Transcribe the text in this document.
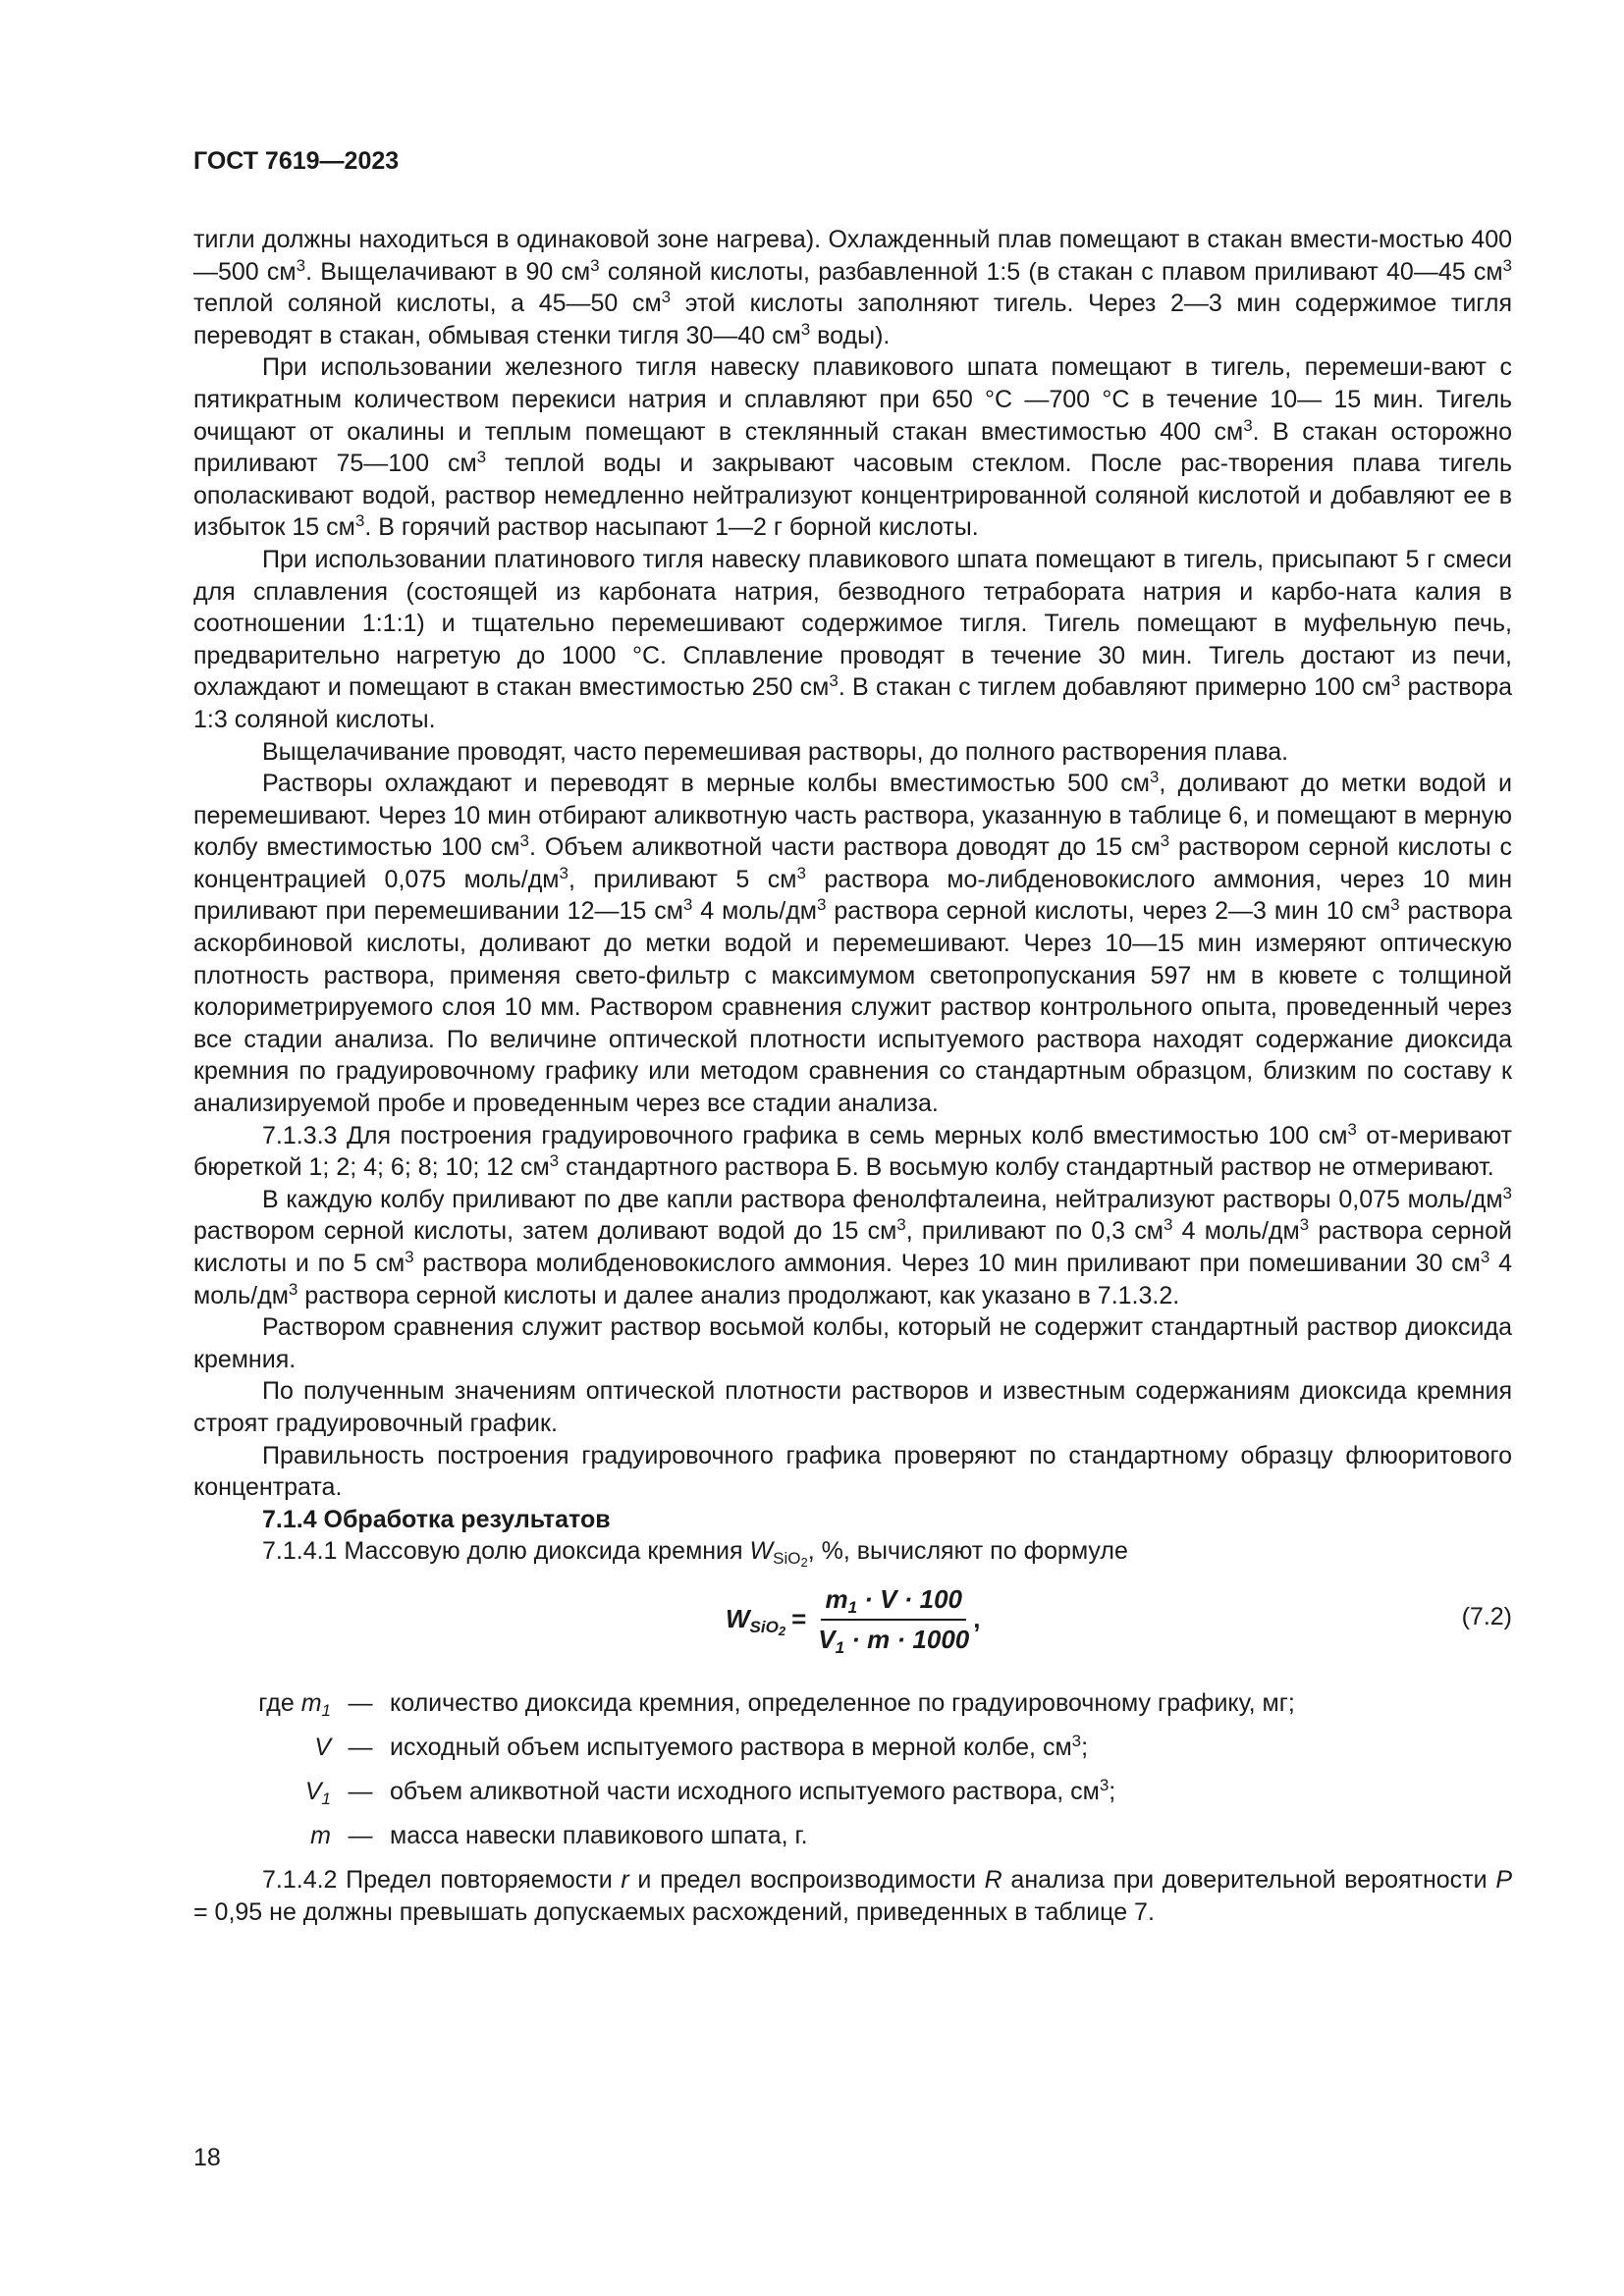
ГОСТ 7619—2023

тигли должны находиться в одинаковой зоне нагрева). Охлажденный плав помещают в стакан вмести-мостью 400—500 $см^3$. Выщелачивают в 90 $см^3$ соляной кислоты, разбавленной 1:5 (в стакан с плавом приливают 40—45 $см^3$ теплой соляной кислоты, а 45—50 $см^3$ этой кислоты заполняют тигель. Через 2—3 мин содержимое тигля переводят в стакан, обмывая стенки тигля 30—40 $см^3$ воды).

При использовании железного тигля навеску плавикового шпата помещают в тигель, перемеши-вают с пятикратным количеством перекиси натрия и сплавляют при 650 °С —700 °С в течение 10— 15 мин. Тигель очищают от окалины и теплым помещают в стеклянный стакан вместимостью 400 $см^3$. В стакан осторожно приливают 75—100 $см^3$ теплой воды и закрывают часовым стеклом. После рас-творения плава тигель ополаскивают водой, раствор немедленно нейтрализуют концентрированной соляной кислотой и добавляют ее в избыток 15 $см^3$. В горячий раствор насыпают 1—2 г борной кислоты.

При использовании платинового тигля навеску плавикового шпата помещают в тигель, присыпают 5 г смеси для сплавления (состоящей из карбоната натрия, безводного тетрабората натрия и карбо-ната калия в соотношении 1:1:1) и тщательно перемешивают содержимое тигля. Тигель помещают в муфельную печь, предварительно нагретую до 1000 °С. Сплавление проводят в течение 30 мин. Тигель достают из печи, охлаждают и помещают в стакан вместимостью 250 $см^3$. В стакан с тиглем добавляют примерно 100 $см^3$ раствора 1:3 соляной кислоты.

Выщелачивание проводят, часто перемешивая растворы, до полного растворения плава.

Растворы охлаждают и переводят в мерные колбы вместимостью 500 $см^3$, доливают до метки водой и перемешивают. Через 10 мин отбирают аликвотную часть раствора, указанную в таблице 6, и помещают в мерную колбу вместимостью 100 $см^3$. Объем аликвотной части раствора доводят до 15 $см^3$ раствором серной кислоты с концентрацией 0,075 моль/$дм^3$, приливают 5 $см^3$ раствора мо-либденовокислого аммония, через 10 мин приливают при перемешивании 12—15 $см^3$ 4 моль/$дм^3$ раствора серной кислоты, через 2—3 мин 10 $см^3$ раствора аскорбиновой кислоты, доливают до метки водой и перемешивают. Через 10—15 мин измеряют оптическую плотность раствора, применяя свето-фильтр с максимумом светопропускания 597 нм в кювете с толщиной колориметрируемого слоя 10 мм. Раствором сравнения служит раствор контрольного опыта, проведенный через все стадии анализа. По величине оптической плотности испытуемого раствора находят содержание диоксида кремния по градуировочному графику или методом сравнения со стандартным образцом, близким по составу к анализируемой пробе и проведенным через все стадии анализа.

7.1.3.3 Для построения градуировочного графика в семь мерных колб вместимостью 100 $см^3$ от-меривают бюреткой 1; 2; 4; 6; 8; 10; 12 $см^3$ стандартного раствора Б. В восьмую колбу стандартный раствор не отмеривают.

В каждую колбу приливают по две капли раствора фенолфталеина, нейтрализуют растворы 0,075 моль/$дм^3$ раствором серной кислоты, затем доливают водой до 15 $см^3$, приливают по 0,3 $см^3$ 4 моль/$дм^3$ раствора серной кислоты и по 5 $см^3$ раствора молибденовокислого аммония. Через 10 мин приливают при помешивании 30 $см^3$ 4 моль/$дм^3$ раствора серной кислоты и далее анализ продолжают, как указано в 7.1.3.2.

Раствором сравнения служит раствор восьмой колбы, который не содержит стандартный раствор диоксида кремния.

По полученным значениям оптической плотности растворов и известным содержаниям диоксида кремния строят градуировочный график.

Правильность построения градуировочного графика проверяют по стандартному образцу флюоритового концентрата.

7.1.4 Обработка результатов

7.1.4.1 Массовую долю диоксида кремния $W_{SiO_2}$, %, вычисляют по формуле

$W_{SiO_2} = \frac{m_1 \cdot V \cdot 100}{V_1 \cdot m \cdot 1000}$ ,	(7.2)
где $m_1$ — количество диоксида кремния, определенное по градуировочному графику, мг;
V — исходный объем испытуемого раствора в мерной колбе, $см^3$;
$V_1$ — объем аликвотной части исходного испытуемого раствора, $см^3$;
m — масса навески плавикового шпата, г.

7.1.4.2 Предел повторяемости r и предел воспроизводимости R анализа при доверительной вероятности P = 0,95 не должны превышать допускаемых расхождений, приведенных в таблице 7.

18
